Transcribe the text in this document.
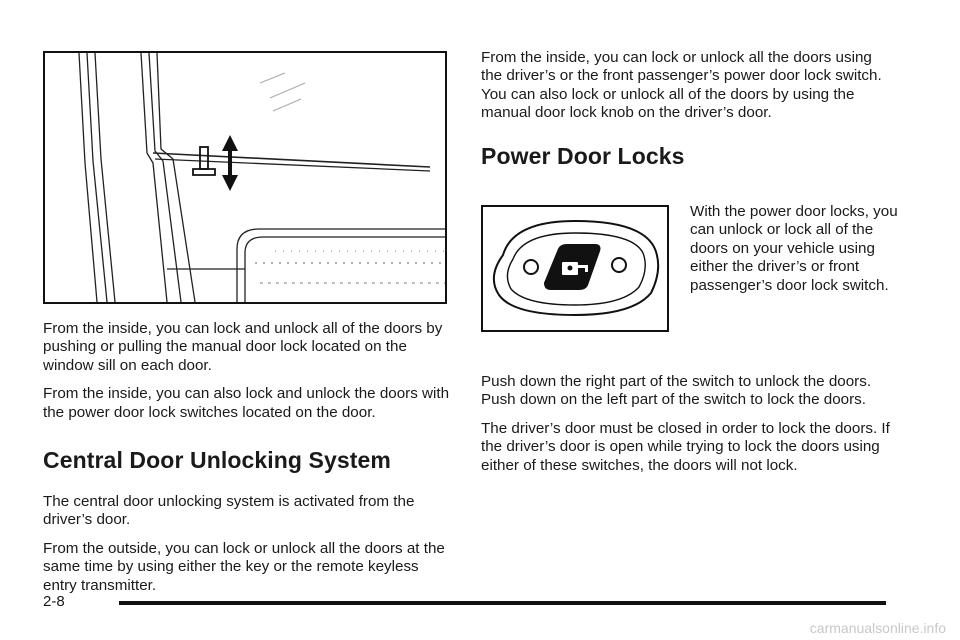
From the inside, you can lock and unlock all of the doors by pushing or pulling the manual door lock located on the window sill on each door.

From the inside, you can also lock and unlock the doors with the power door lock switches located on the door.

Central Door Unlocking System

The central door unlocking system is activated from the driver’s door.

From the outside, you can lock or unlock all the doors at the same time by using either the key or the remote keyless entry transmitter.

From the inside, you can lock or unlock all the doors using the driver’s or the front passenger’s power door lock switch. You can also lock or unlock all of the doors by using the manual door lock knob on the driver’s door.

Power Door Locks

With the power door locks, you can unlock or lock all of the doors on your vehicle using either the driver’s or front passenger’s door lock switch.

Push down the right part of the switch to unlock the doors. Push down on the left part of the switch to lock the doors.

The driver’s door must be closed in order to lock the doors. If the driver’s door is open while trying to lock the doors using either of these switches, the doors will not lock.

2-8
carmanualsonline.info
